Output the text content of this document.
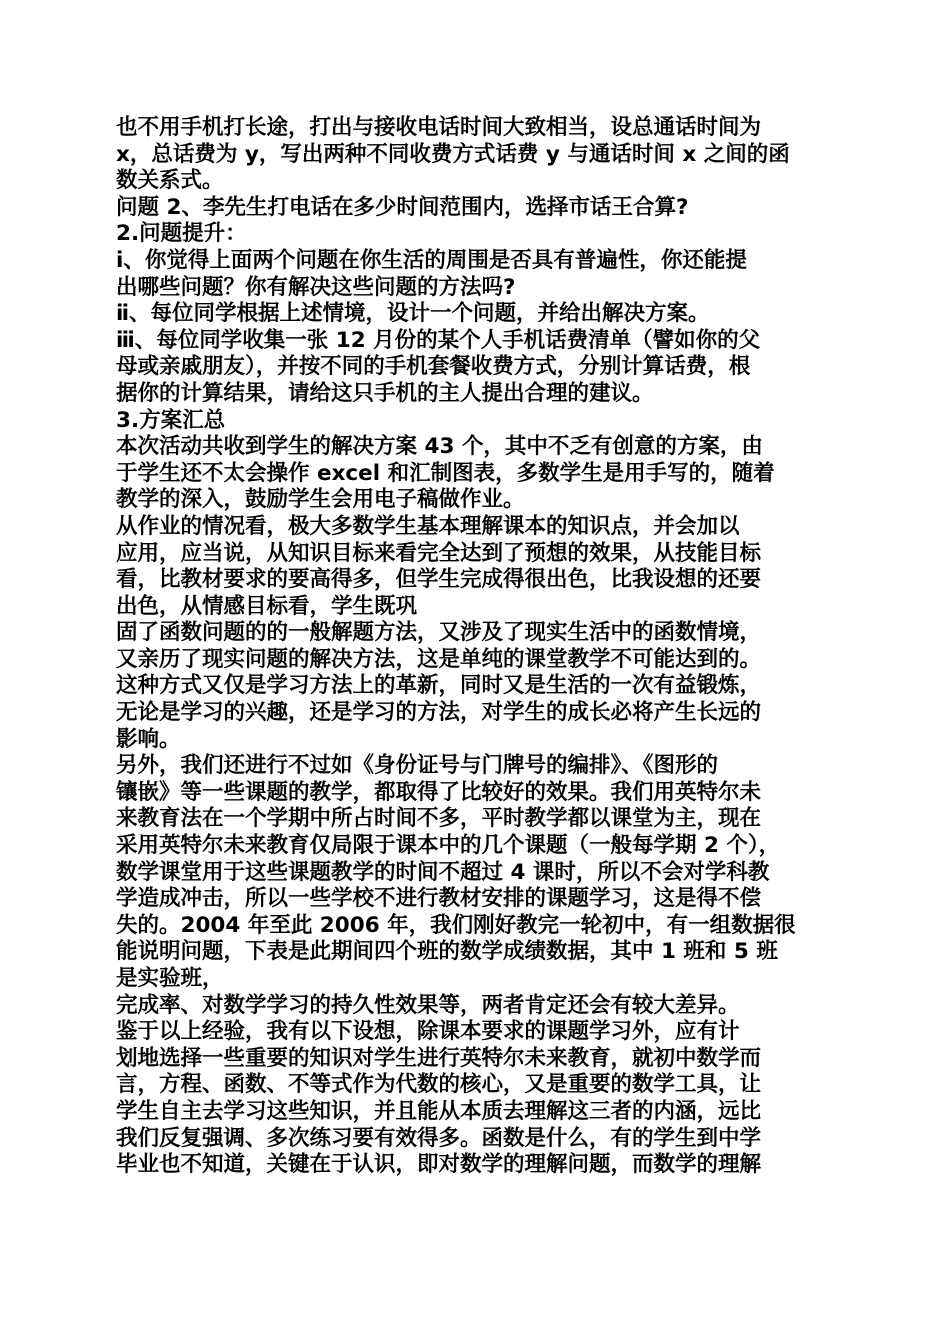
也不用手机打长途，打出与接收电话时间大致相当，设总通话时间为
x，总话费为 y，写出两种不同收费方式话费 y 与通话时间 x 之间的函
数关系式。
问题 2、李先生打电话在多少时间范围内，选择市话王合算?
2.问题提升：
ⅰ、你觉得上面两个问题在你生活的周围是否具有普遍性，你还能提
出哪些问题？你有解决这些问题的方法吗?
ⅱ、每位同学根据上述情境，设计一个问题，并给出解决方案。
ⅲ、每位同学收集一张 12 月份的某个人手机话费清单（譬如你的父
母或亲戚朋友），并按不同的手机套餐收费方式，分别计算话费，根
据你的计算结果，请给这只手机的主人提出合理的建议。
3.方案汇总
本次活动共收到学生的解决方案 43 个，其中不乏有创意的方案，由
于学生还不太会操作 excel 和汇制图表，多数学生是用手写的，随着
教学的深入，鼓励学生会用电子稿做作业。
从作业的情况看，极大多数学生基本理解课本的知识点，并会加以
应用，应当说，从知识目标来看完全达到了预想的效果，从技能目标
看，比教材要求的要高得多，但学生完成得很出色，比我设想的还要
出色，从情感目标看，学生既巩
固了函数问题的的一般解题方法，又涉及了现实生活中的函数情境，
又亲历了现实问题的解决方法，这是单纯的课堂教学不可能达到的。
这种方式又仅是学习方法上的革新，同时又是生活的一次有益锻炼，
无论是学习的兴趣，还是学习的方法，对学生的成长必将产生长远的
影响。
另外，我们还进行不过如《身份证号与门牌号的编排》、《图形的
镶嵌》等一些课题的教学，都取得了比较好的效果。我们用英特尔未
来教育法在一个学期中所占时间不多，平时教学都以课堂为主，现在
采用英特尔未来教育仅局限于课本中的几个课题（一般每学期 2 个），
数学课堂用于这些课题教学的时间不超过 4 课时，所以不会对学科教
学造成冲击，所以一些学校不进行教材安排的课题学习，这是得不偿
失的。2004 年至此 2006 年，我们刚好教完一轮初中，有一组数据很
能说明问题，下表是此期间四个班的数学成绩数据，其中 1 班和 5 班
是实验班，
完成率、对数学学习的持久性效果等，两者肯定还会有较大差异。
鉴于以上经验，我有以下设想，除课本要求的课题学习外，应有计
划地选择一些重要的知识对学生进行英特尔未来教育，就初中数学而
言，方程、函数、不等式作为代数的核心，又是重要的数学工具，让
学生自主去学习这些知识，并且能从本质去理解这三者的内涵，远比
我们反复强调、多次练习要有效得多。函数是什么，有的学生到中学
毕业也不知道，关键在于认识，即对数学的理解问题，而数学的理解
